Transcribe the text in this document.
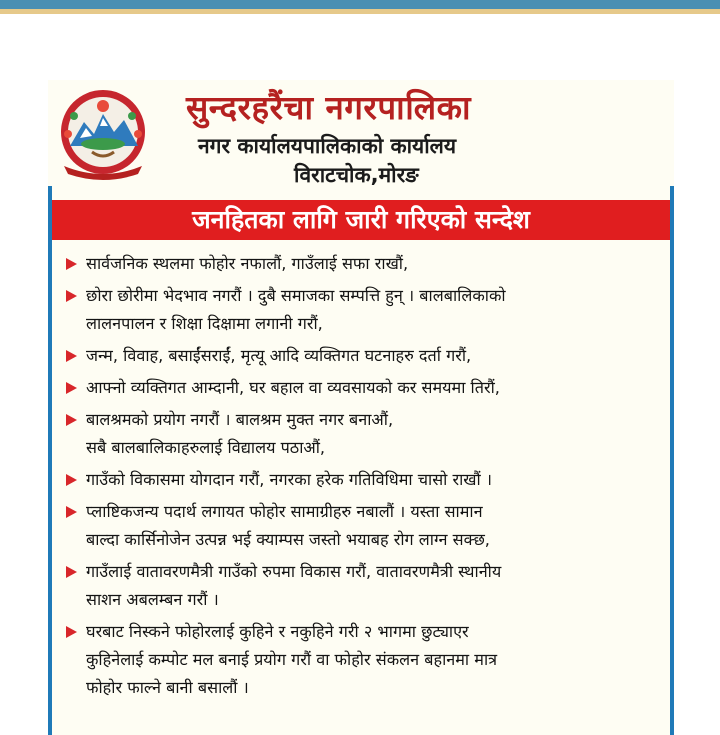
सुन्दरहरैंचा नगरपालिका
नगर कार्यालयपालिकाको कार्यालय
विराटचोक,मोरङ
जनहितका लागि जारी गरिएको सन्देश
सार्वजनिक स्थलमा फोहोर नफालौं, गाउँलाई सफा राखौं,
छोरा छोरीमा भेदभाव नगरौं । दुबै समाजका सम्पत्ति हुन् । बालबालिकाको
लालनपालन र शिक्षा दिक्षामा लगानी गरौं,
जन्म, विवाह, बसाईंसराईं, मृत्यू आदि व्यक्तिगत घटनाहरु दर्ता गरौं,
आफ्नो व्यक्तिगत आम्दानी, घर बहाल वा व्यवसायको कर समयमा तिरौं,
बालश्रमको प्रयोग नगरौं । बालश्रम मुक्त नगर बनाऔं,
सबै बालबालिकाहरुलाई विद्यालय पठाऔं,
गाउँको विकासमा योगदान गरौं, नगरका हरेक गतिविधिमा चासो राखौं ।
प्लाष्टिकजन्य पदार्थ लगायत फोहोर सामाग्रीहरु नबालौं । यस्ता सामान
बाल्दा कार्सिनोजेन उत्पन्न भई क्याम्पस जस्तो भयाबह रोग लाग्न सक्छ,
गाउँलाई वातावरणमैत्री गाउँको रुपमा विकास गरौं, वातावरणमैत्री स्थानीय
साशन अबलम्बन गरौं ।
घरबाट निस्कने फोहोरलाई कुहिने र नकुहिने गरी २ भागमा छुट्याएर
कुहिनेलाई कम्पोट मल बनाई प्रयोग गरौं वा फोहोर संकलन बहानमा मात्र
फोहोर फाल्ने बानी बसालौं ।
